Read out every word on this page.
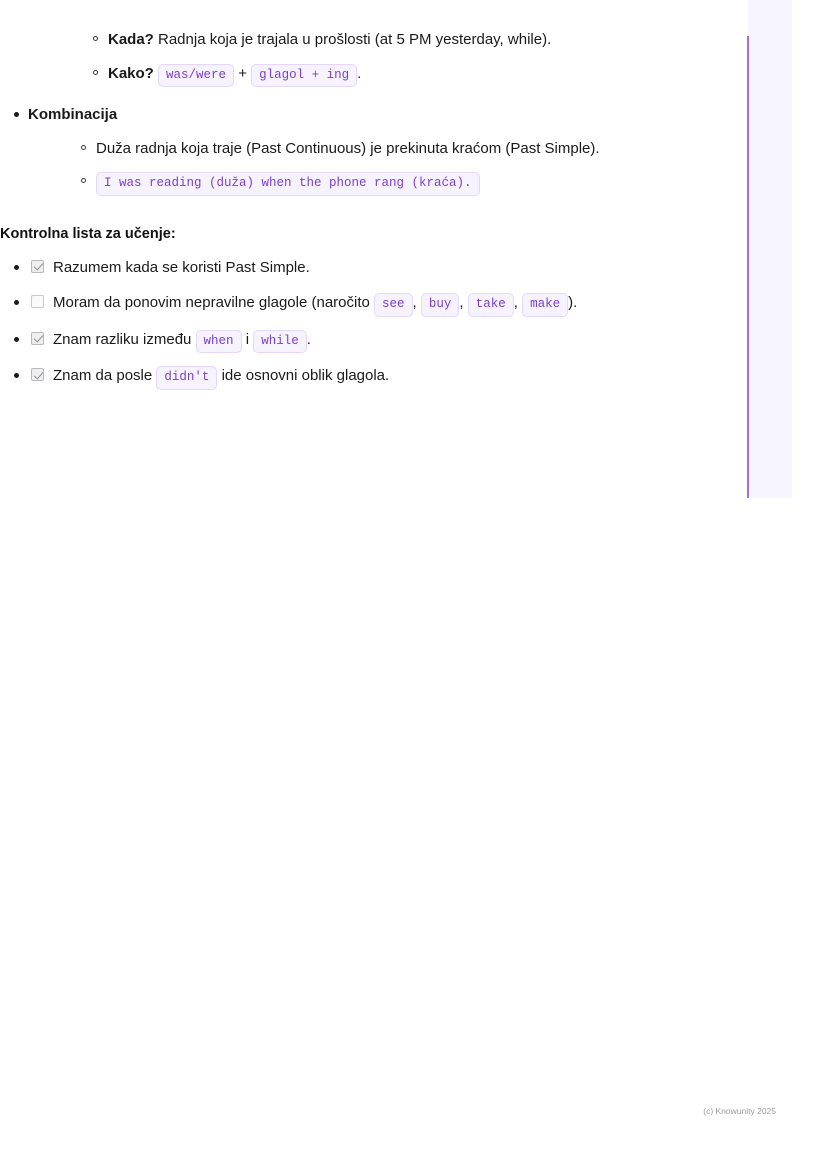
Kada? Radnja koja je trajala u prošlosti (at 5 PM yesterday, while).
Kako? was/were + glagol + ing .
Kombinacija
Duža radnja koja traje (Past Continuous) je prekinuta kraćom (Past Simple).
I was reading (duža) when the phone rang (kraća).
Kontrolna lista za učenje:
Razumem kada se koristi Past Simple.
Moram da ponovim nepravilne glagole (naročito see , buy , take , make ).
Znam razliku između when i while .
Znam da posle didn't ide osnovni oblik glagola.
(c) Knowunity 2025
